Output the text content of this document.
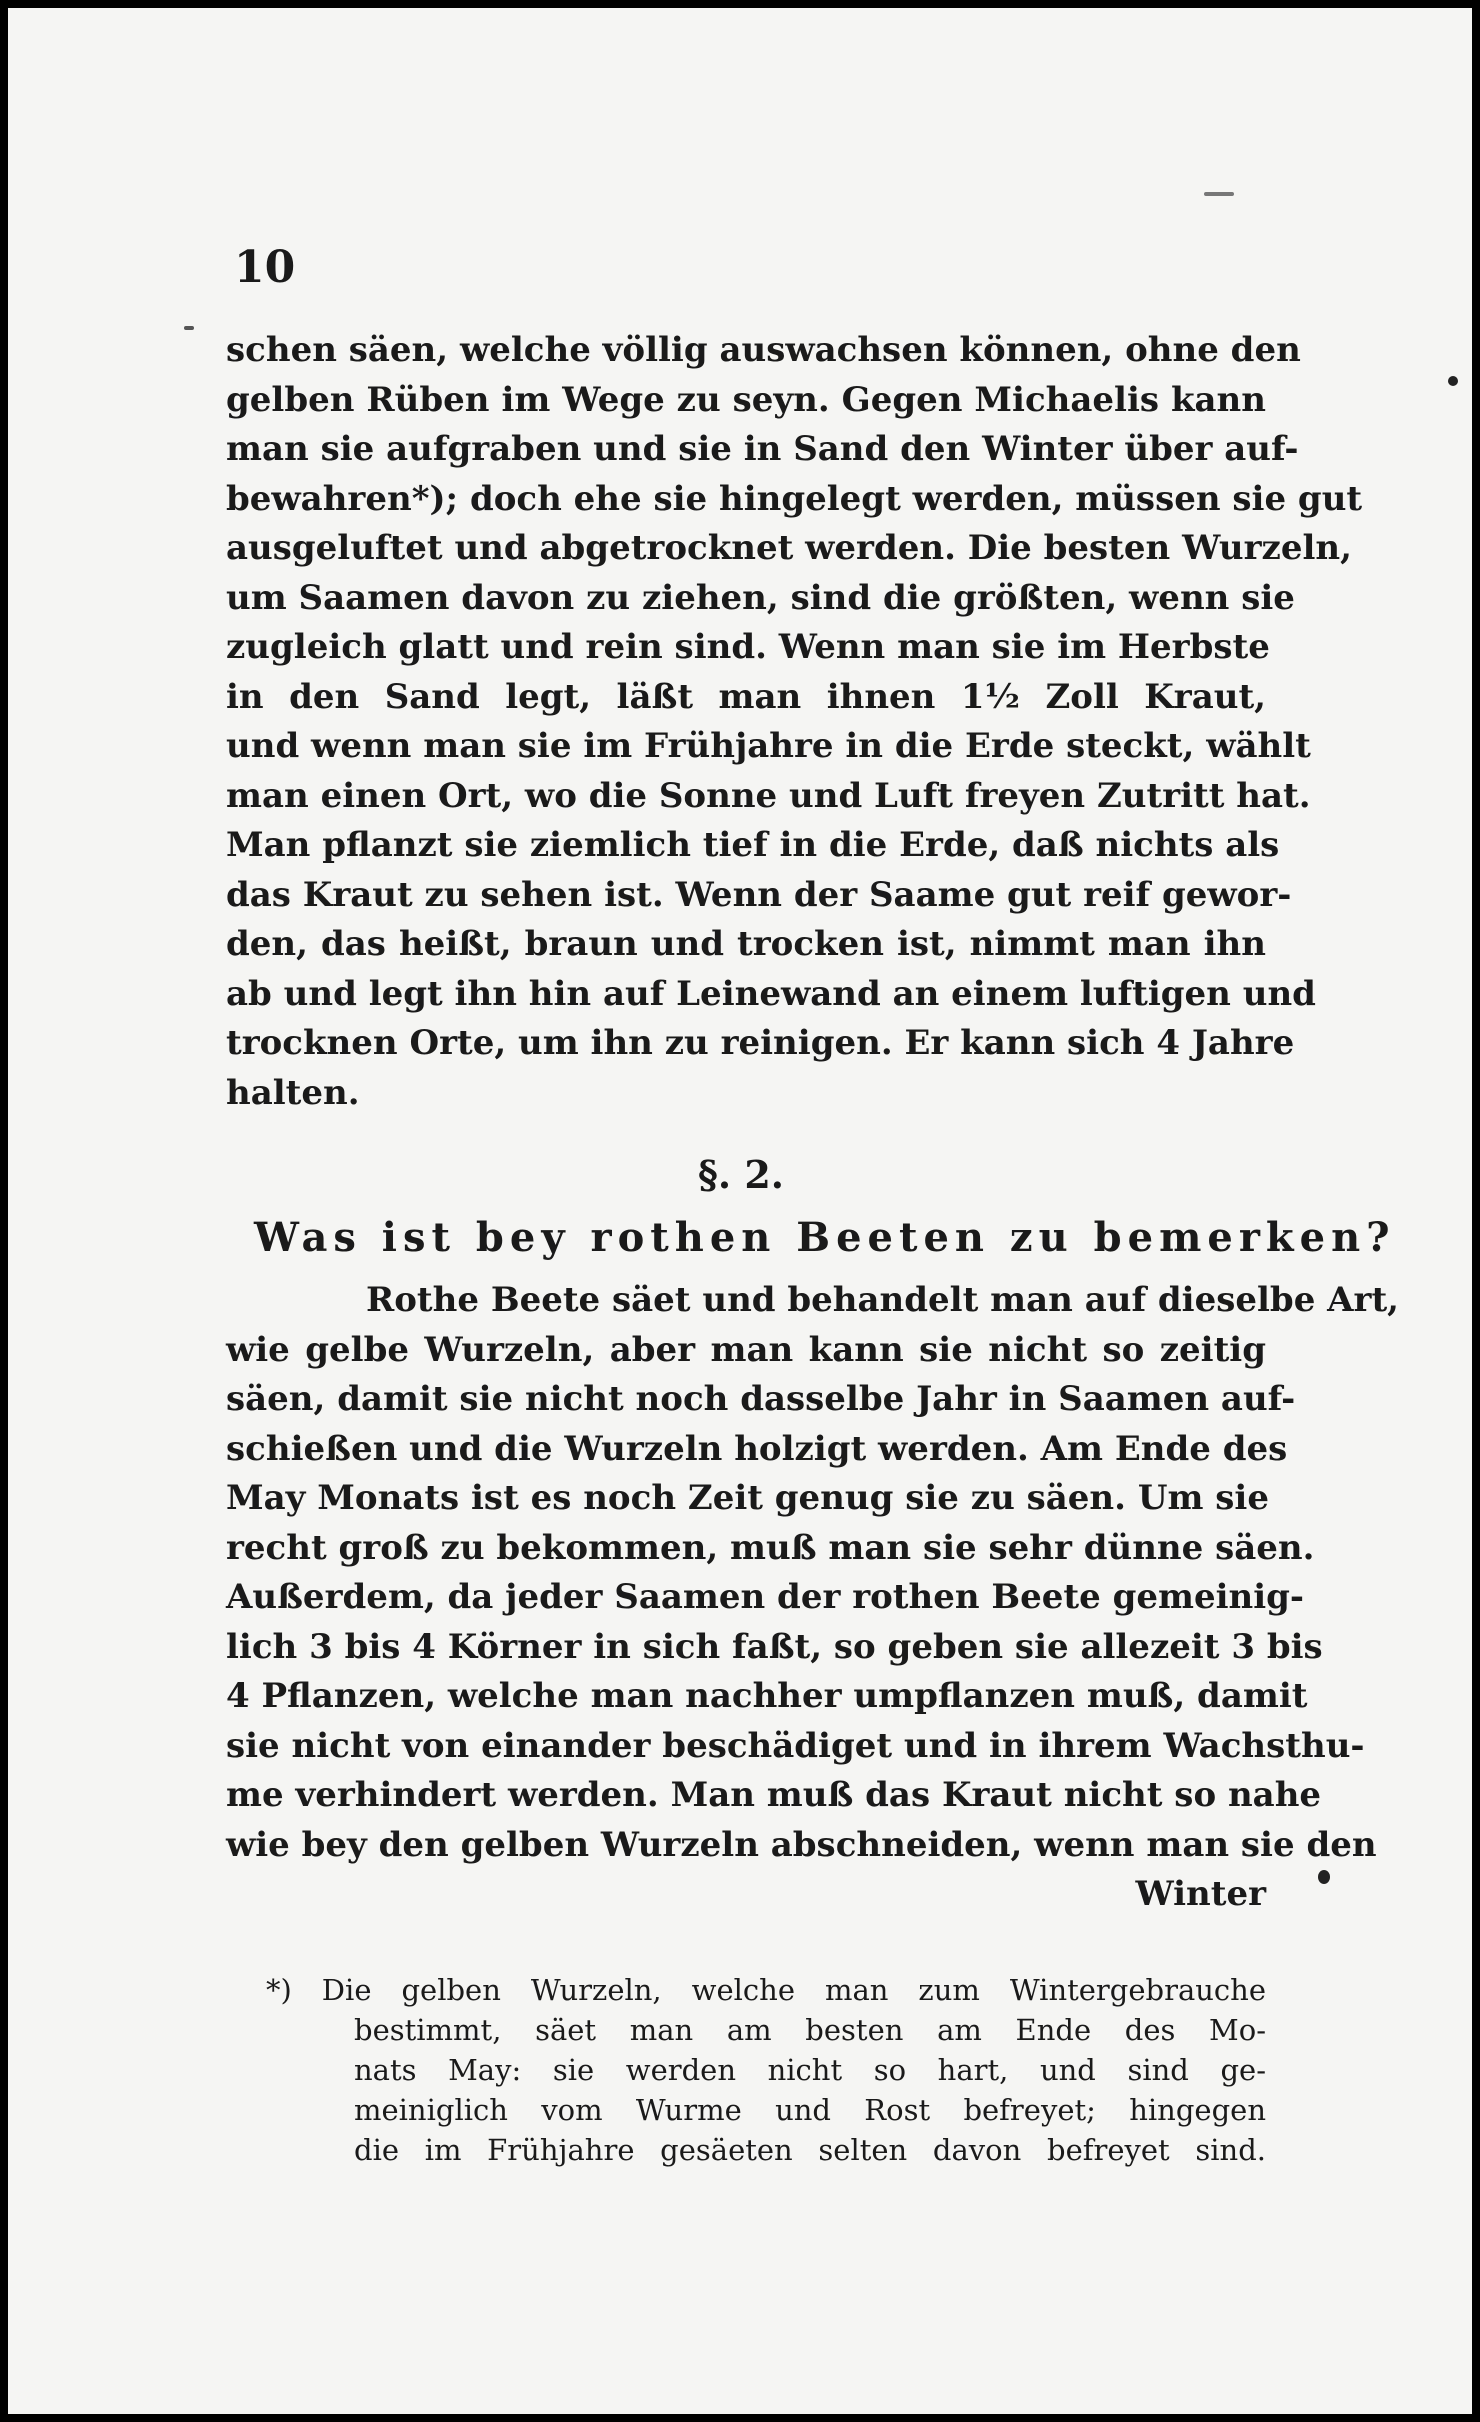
10
schen säen, welche völlig auswachsen können, ohne den
gelben Rüben im Wege zu seyn. Gegen Michaelis kann
man sie aufgraben und sie in Sand den Winter über auf-
bewahren*); doch ehe sie hingelegt werden, müssen sie gut
ausgeluftet und abgetrocknet werden. Die besten Wurzeln,
um Saamen davon zu ziehen, sind die größten, wenn sie
zugleich glatt und rein sind. Wenn man sie im Herbste
in den Sand legt, läßt man ihnen 1½ Zoll Kraut,
und wenn man sie im Frühjahre in die Erde steckt, wählt
man einen Ort, wo die Sonne und Luft freyen Zutritt hat.
Man pflanzt sie ziemlich tief in die Erde, daß nichts als
das Kraut zu sehen ist. Wenn der Saame gut reif gewor-
den, das heißt, braun und trocken ist, nimmt man ihn
ab und legt ihn hin auf Leinewand an einem luftigen und
trocknen Orte, um ihn zu reinigen. Er kann sich 4 Jahre
halten.
§. 2.
Was ist bey rothen Beeten zu bemerken?
Rothe Beete säet und behandelt man auf dieselbe Art,
wie gelbe Wurzeln, aber man kann sie nicht so zeitig
säen, damit sie nicht noch dasselbe Jahr in Saamen auf-
schießen und die Wurzeln holzigt werden. Am Ende des
May Monats ist es noch Zeit genug sie zu säen. Um sie
recht groß zu bekommen, muß man sie sehr dünne säen.
Außerdem, da jeder Saamen der rothen Beete gemeinig-
lich 3 bis 4 Körner in sich faßt, so geben sie allezeit 3 bis
4 Pflanzen, welche man nachher umpflanzen muß, damit
sie nicht von einander beschädiget und in ihrem Wachsthu-
me verhindert werden. Man muß das Kraut nicht so nahe
wie bey den gelben Wurzeln abschneiden, wenn man sie den
Winter
*) Die gelben Wurzeln, welche man zum Wintergebrauche
bestimmt, säet man am besten am Ende des Mo-
nats May: sie werden nicht so hart, und sind ge-
meiniglich vom Wurme und Rost befreyet; hingegen
die im Frühjahre gesäeten selten davon befreyet sind.
